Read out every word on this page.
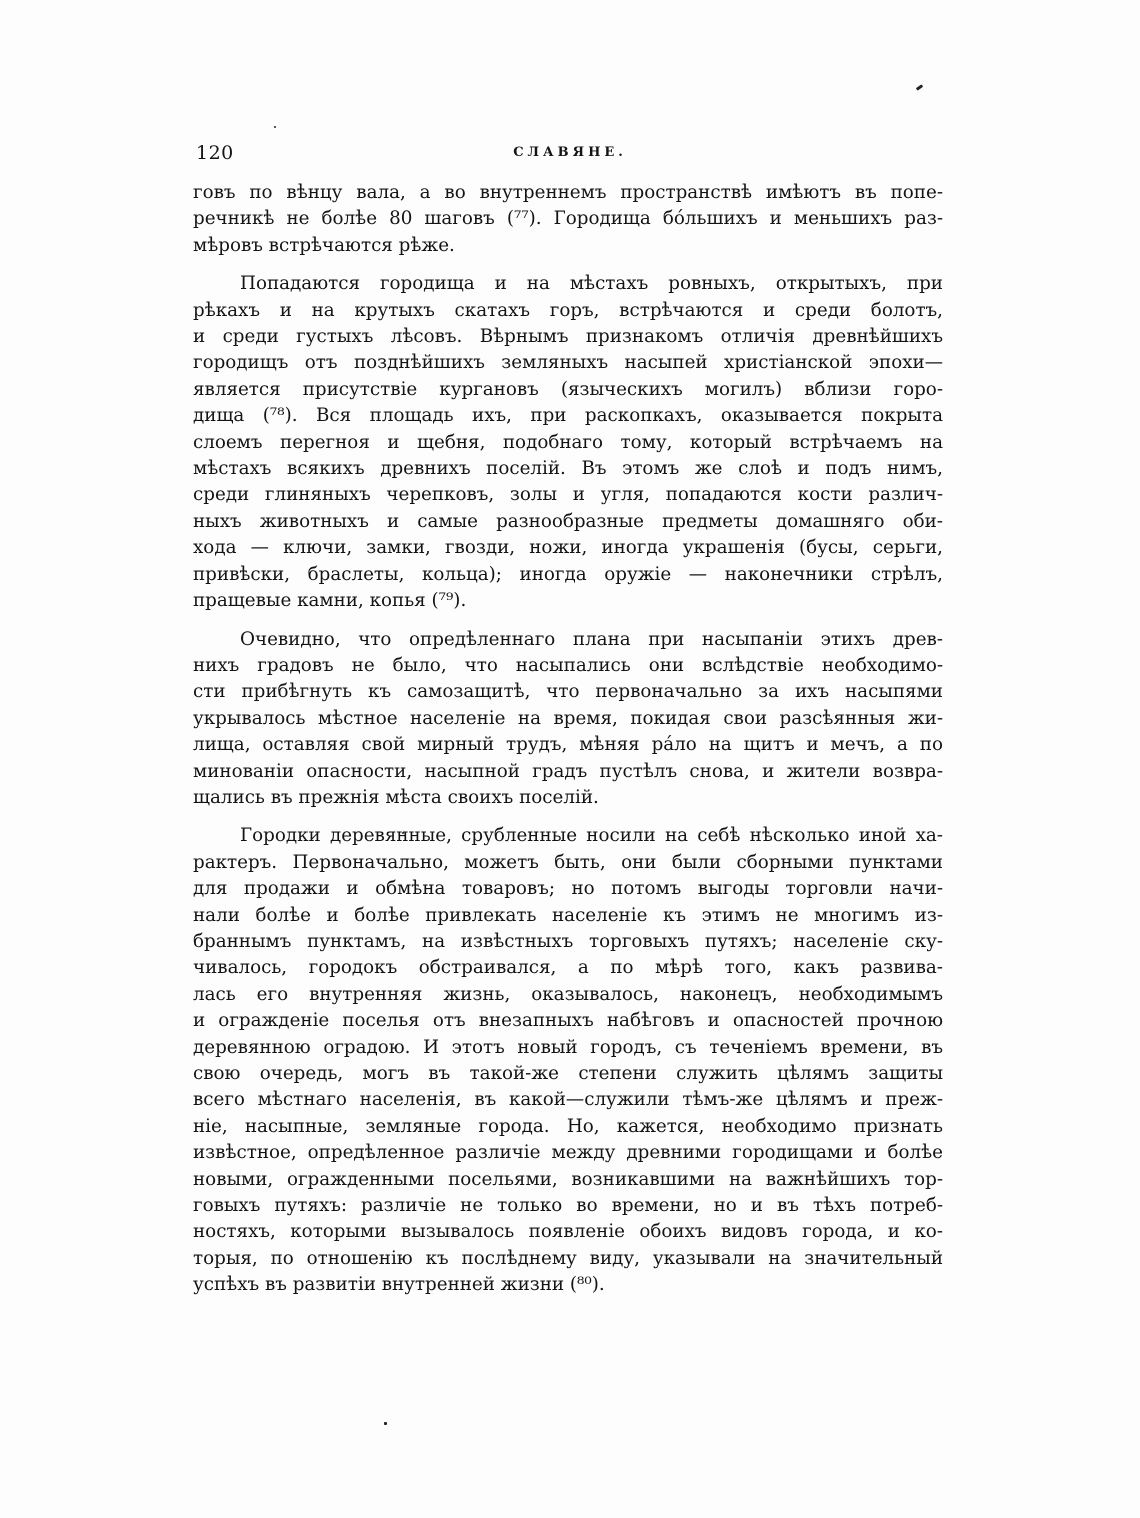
120	СЛАВЯНЕ.
говъ по вѣнцу вала, а во внутреннемъ пространствѣ имѣютъ въ попе-
речникѣ не болѣе 80 шаговъ (⁷⁷). Городища бо́льшихъ и меньшихъ раз-
мѣровъ встрѣчаются рѣже.
Попадаются городища и на мѣстахъ ровныхъ, открытыхъ, при
рѣкахъ и на крутыхъ скатахъ горъ, встрѣчаются и среди болотъ,
и среди густыхъ лѣсовъ. Вѣрнымъ признакомъ отличія древнѣйшихъ
городищъ отъ позднѣйшихъ земляныхъ насыпей христіанской эпохи—
является присутствіе кургановъ (языческихъ могилъ) вблизи горо-
дища (⁷⁸). Вся площадь ихъ, при раскопкахъ, оказывается покрыта
слоемъ перегноя и щебня, подобнаго тому, который встрѣчаемъ на
мѣстахъ всякихъ древнихъ поселій. Въ этомъ же слоѣ и подъ нимъ,
среди глиняныхъ черепковъ, золы и угля, попадаются кости различ-
ныхъ животныхъ и самые разнообразные предметы домашняго оби-
хода — ключи, замки, гвозди, ножи, иногда украшенія (бусы, серьги,
привѣски, браслеты, кольца); иногда оружіе — наконечники стрѣлъ,
пращевые камни, копья (⁷⁹).
Очевидно, что опредѣленнаго плана при насыпаніи этихъ древ-
нихъ градовъ не было, что насыпались они вслѣдствіе необходимо-
сти прибѣгнуть къ самозащитѣ, что первоначально за ихъ насыпями
укрывалось мѣстное населеніе на время, покидая свои разсѣянныя жи-
лища, оставляя свой мирный трудъ, мѣняя ра́ло на щитъ и мечъ, а по
минованіи опасности, насыпной градъ пустѣлъ снова, и жители возвра-
щались въ прежнія мѣста своихъ поселій.
Городки деревянные, срубленные носили на себѣ нѣсколько иной ха-
рактеръ. Первоначально, можетъ быть, они были сборными пунктами
для продажи и обмѣна товаровъ; но потомъ выгоды торговли начи-
нали болѣе и болѣе привлекать населеніе къ этимъ не многимъ из-
браннымъ пунктамъ, на извѣстныхъ торговыхъ путяхъ; населеніе ску-
чивалось, городокъ обстраивался, а по мѣрѣ того, какъ развива-
лась его внутренняя жизнь, оказывалось, наконецъ, необходимымъ
и огражденіе поселья отъ внезапныхъ набѣговъ и опасностей прочною
деревянною оградою. И этотъ новый городъ, съ теченіемъ времени, въ
свою очередь, могъ въ такой-же степени служить цѣлямъ защиты
всего мѣстнаго населенія, въ какой—служили тѣмъ-же цѣлямъ и преж-
ніе, насыпные, земляные города. Но, кажется, необходимо признать
извѣстное, опредѣленное различіе между древними городищами и болѣе
новыми, огражденными посельями, возникавшими на важнѣйшихъ тор-
говыхъ путяхъ: различіе не только во времени, но и въ тѣхъ потреб-
ностяхъ, которыми вызывалось появленіе обоихъ видовъ города, и ко-
торыя, по отношенію къ послѣднему виду, указывали на значительный
успѣхъ въ развитіи внутренней жизни (⁸⁰).
